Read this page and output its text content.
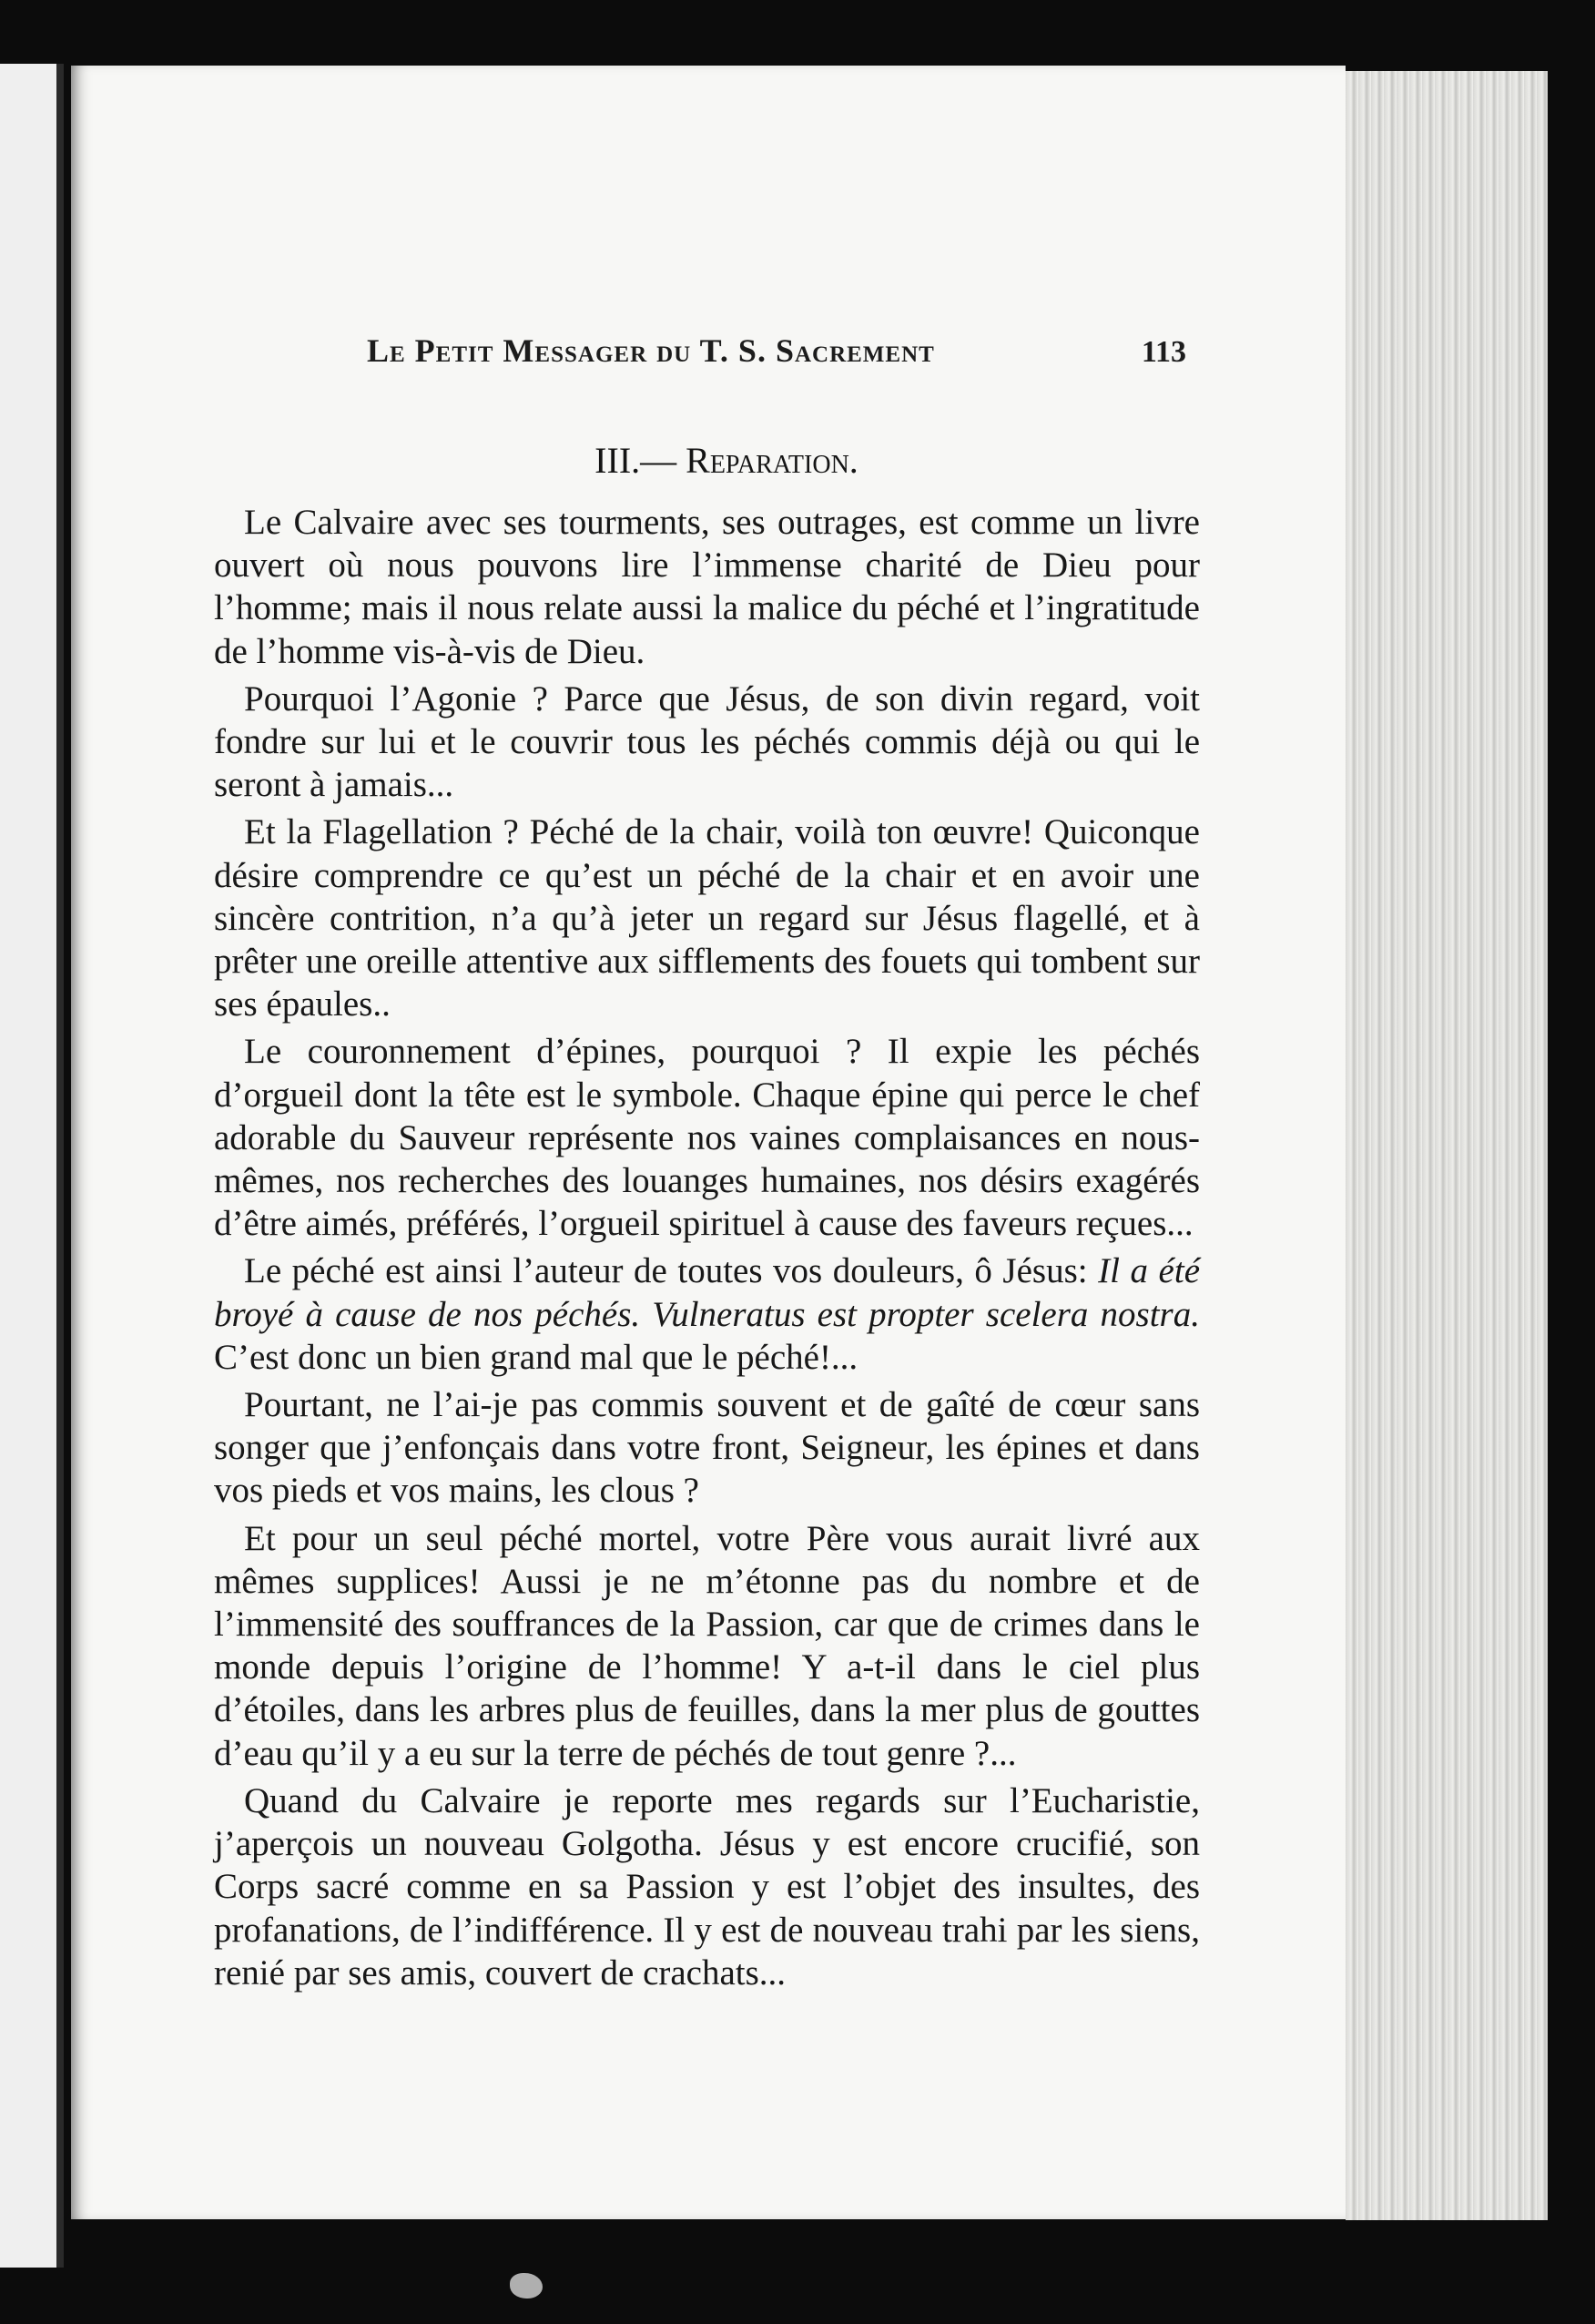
Le Petit Messager du T. S. Sacrement	113
III.— Reparation.

Le Calvaire avec ses tourments, ses outrages, est comme un livre ouvert où nous pouvons lire l’immense charité de Dieu pour l’homme; mais il nous relate aussi la malice du péché et l’ingratitude de l’homme vis-à-vis de Dieu.

Pourquoi l’Agonie ? Parce que Jésus, de son divin regard, voit fondre sur lui et le couvrir tous les péchés commis déjà ou qui le seront à jamais...

Et la Flagellation ? Péché de la chair, voilà ton œuvre! Quiconque désire comprendre ce qu’est un péché de la chair et en avoir une sincère contrition, n’a qu’à jeter un regard sur Jésus flagellé, et à prêter une oreille attentive aux sifflements des fouets qui tombent sur ses épaules..

Le couronnement d’épines, pourquoi ? Il expie les péchés d’orgueil dont la tête est le symbole. Chaque épine qui perce le chef adorable du Sauveur représente nos vaines complaisances en nous-mêmes, nos recherches des louanges humaines, nos désirs exagérés d’être aimés, préférés, l’orgueil spirituel à cause des faveurs reçues...

Le péché est ainsi l’auteur de toutes vos douleurs, ô Jésus: Il a été broyé à cause de nos péchés. Vulneratus est propter scelera nostra. C’est donc un bien grand mal que le péché!...

Pourtant, ne l’ai-je pas commis souvent et de gaîté de cœur sans songer que j’enfonçais dans votre front, Seigneur, les épines et dans vos pieds et vos mains, les clous ?

Et pour un seul péché mortel, votre Père vous aurait livré aux mêmes supplices! Aussi je ne m’étonne pas du nombre et de l’immensité des souffrances de la Passion, car que de crimes dans le monde depuis l’origine de l’homme! Y a-t-il dans le ciel plus d’étoiles, dans les arbres plus de feuilles, dans la mer plus de gouttes d’eau qu’il y a eu sur la terre de péchés de tout genre ?...

Quand du Calvaire je reporte mes regards sur l’Eucharistie, j’aperçois un nouveau Golgotha. Jésus y est encore crucifié, son Corps sacré comme en sa Passion y est l’objet des insultes, des profanations, de l’indifférence. Il y est de nouveau trahi par les siens, renié par ses amis, couvert de crachats...
